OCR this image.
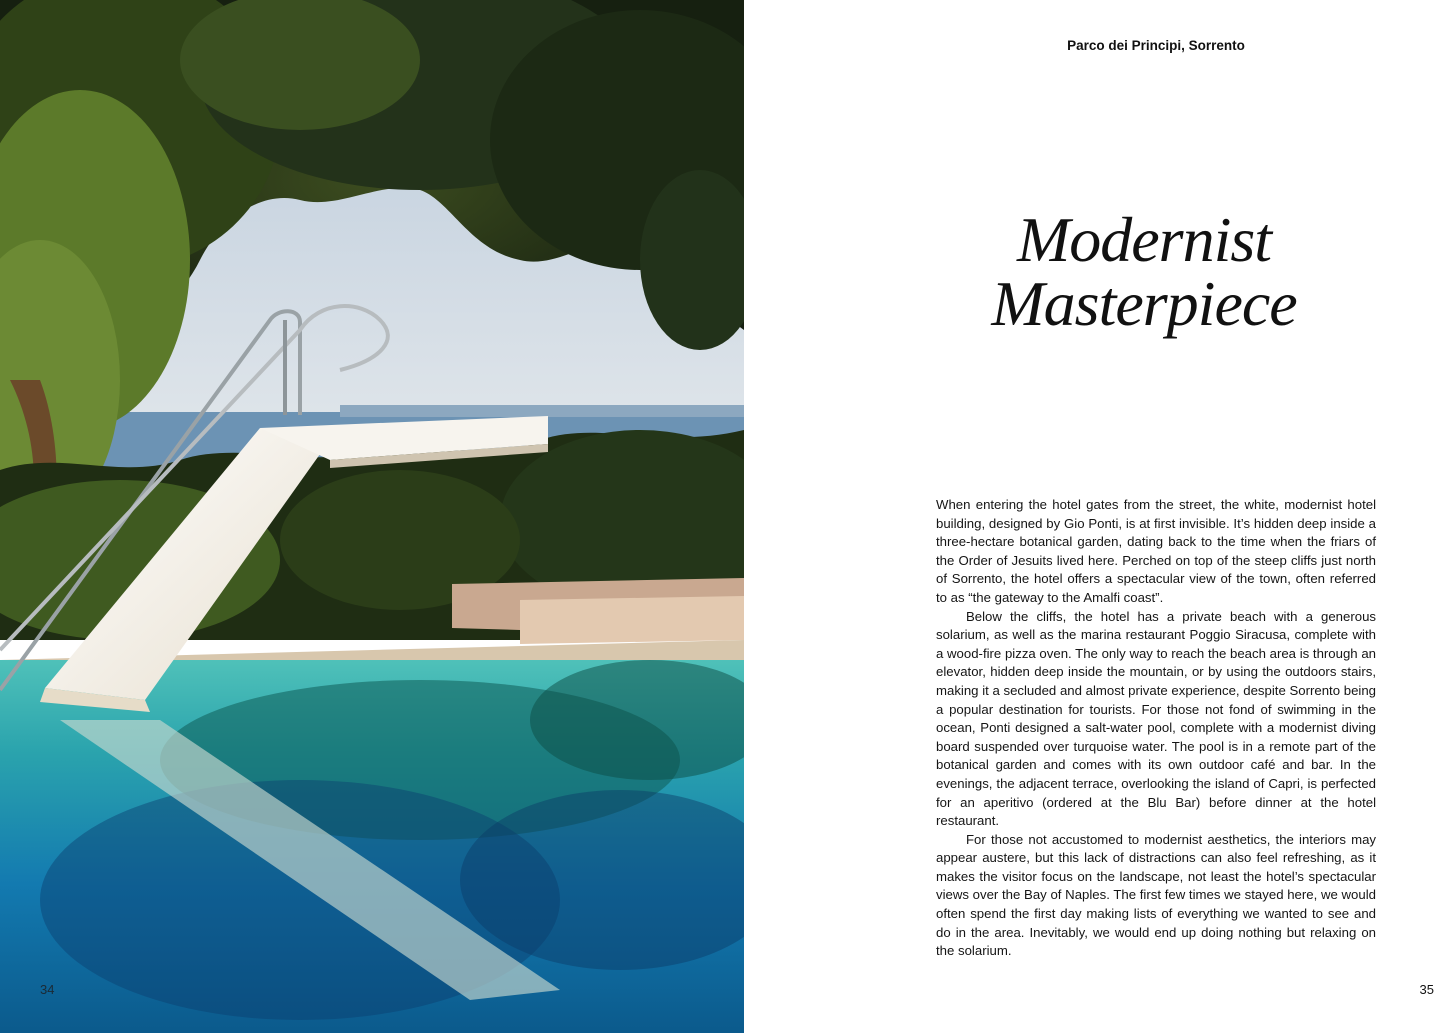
34
Parco dei Principi, Sorrento
Modernist
Masterpiece

When entering the hotel gates from the street, the white, modernist hotel building, designed by Gio Ponti, is at first invisible. It’s hidden deep inside a three-hectare botanical garden, dating back to the time when the friars of the Order of Jesuits lived here. Perched on top of the steep cliffs just north of Sorrento, the hotel offers a spectacular view of the town, often referred to as “the gateway to the Amalfi coast”.

Below the cliffs, the hotel has a private beach with a generous solarium, as well as the marina restaurant Poggio Siracusa, complete with a wood-fire pizza oven. The only way to reach the beach area is through an elevator, hidden deep inside the mountain, or by using the outdoors stairs, making it a secluded and almost private experience, despite Sorrento being a popular destination for tourists. For those not fond of swimming in the ocean, Ponti designed a salt-water pool, complete with a modernist diving board suspended over turquoise water. The pool is in a remote part of the botanical garden and comes with its own outdoor café and bar. In the evenings, the adjacent terrace, overlooking the island of Capri, is perfected for an aperitivo (ordered at the Blu Bar) before dinner at the hotel restaurant.

For those not accustomed to modernist aesthetics, the interiors may appear austere, but this lack of distractions can also feel refreshing, as it makes the visitor focus on the landscape, not least the hotel’s spectacular views over the Bay of Naples. The first few times we stayed here, we would often spend the first day making lists of everything we wanted to see and do in the area. Inevitably, we would end up doing nothing but relaxing on the solarium.

35
